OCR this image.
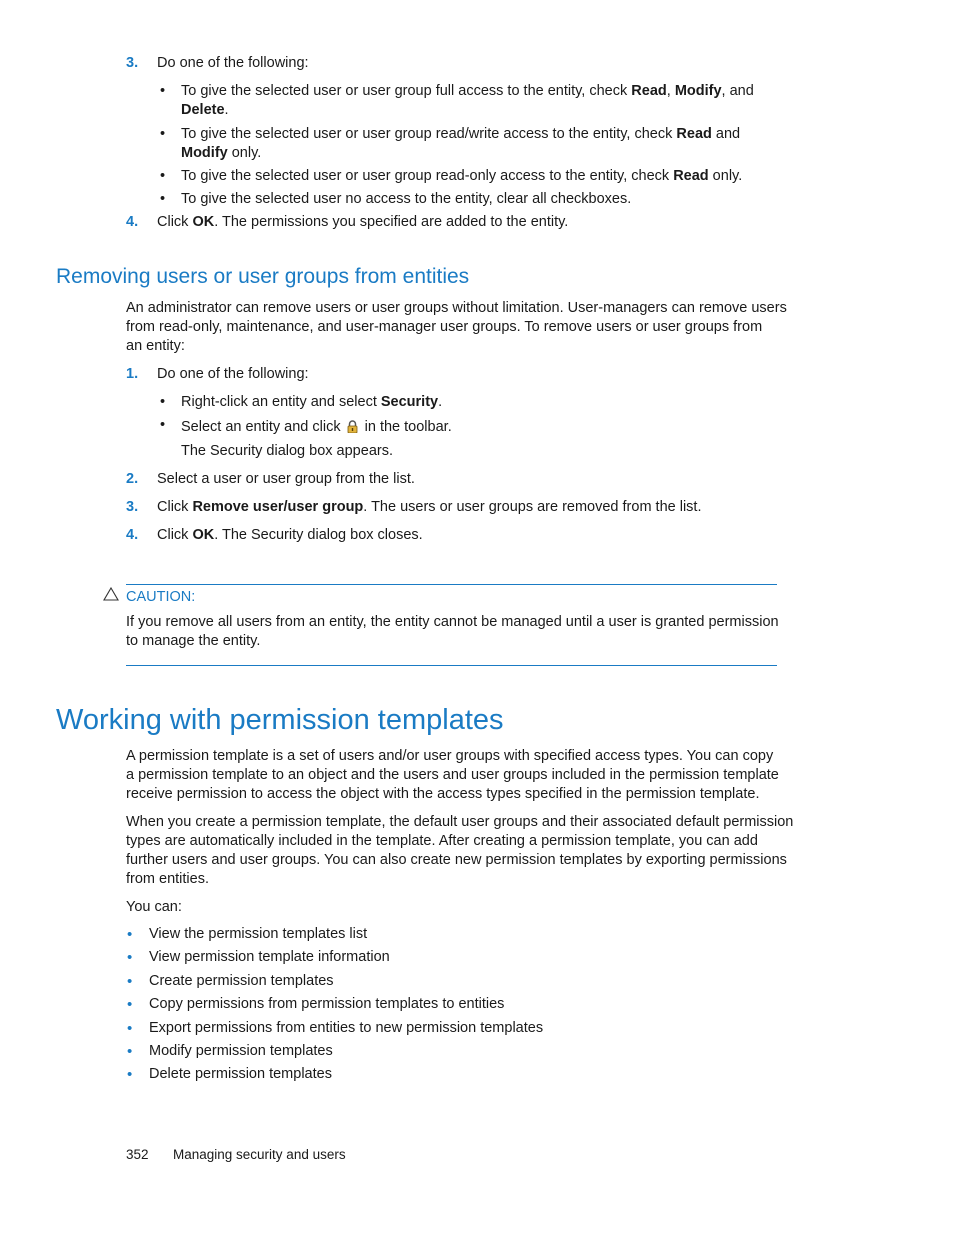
3. Do one of the following:
• To give the selected user or user group full access to the entity, check Read, Modify, and
Delete.
• To give the selected user or user group read/write access to the entity, check Read and
Modify only.
• To give the selected user or user group read-only access to the entity, check Read only.
• To give the selected user no access to the entity, clear all checkboxes.
4. Click OK. The permissions you specified are added to the entity.
Removing users or user groups from entities
An administrator can remove users or user groups without limitation. User-managers can remove users
from read-only, maintenance, and user-manager user groups. To remove users or user groups from
an entity:
1. Do one of the following:
• Right-click an entity and select Security.
• Select an entity and click  in the toolbar.
The Security dialog box appears.
2. Select a user or user group from the list.
3. Click Remove user/user group. The users or user groups are removed from the list.
4. Click OK. The Security dialog box closes.
CAUTION:
If you remove all users from an entity, the entity cannot be managed until a user is granted permission
to manage the entity.
Working with permission templates
A permission template is a set of users and/or user groups with specified access types. You can copy
a permission template to an object and the users and user groups included in the permission template
receive permission to access the object with the access types specified in the permission template.
When you create a permission template, the default user groups and their associated default permission
types are automatically included in the template. After creating a permission template, you can add
further users and user groups. You can also create new permission templates by exporting permissions
from entities.
You can:
• View the permission templates list
• View permission template information
• Create permission templates
• Copy permissions from permission templates to entities
• Export permissions from entities to new permission templates
• Modify permission templates
• Delete permission templates
352 Managing security and users
